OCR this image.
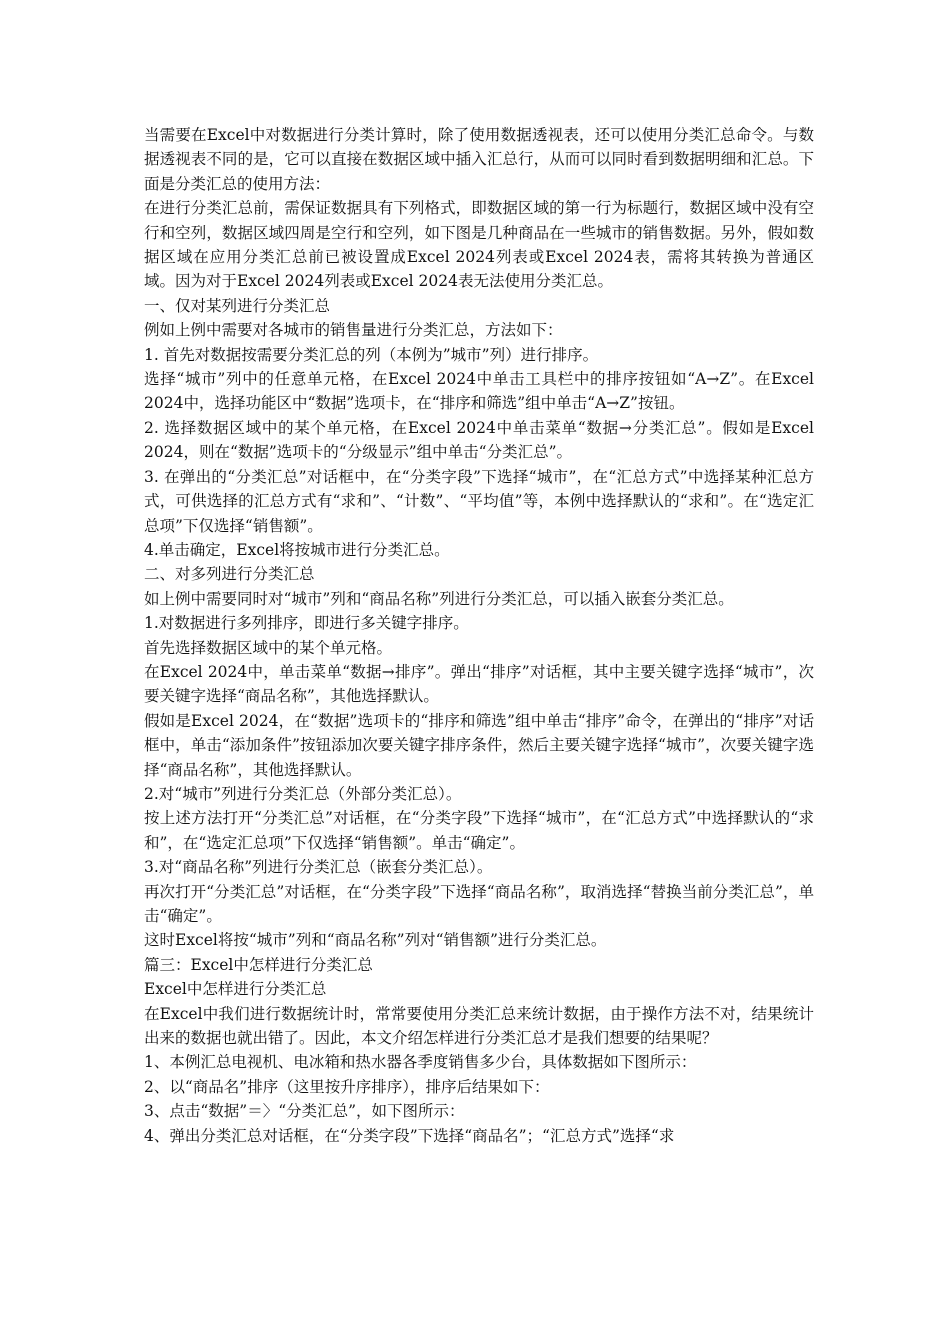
当需要在Excel中对数据进行分类计算时，除了使用数据透视表，还可以使用分类汇总命令。与数据透视表不同的是，它可以直接在数据区域中插入汇总行，从而可以同时看到数据明细和汇总。下面是分类汇总的使用方法：

在进行分类汇总前，需保证数据具有下列格式，即数据区域的第一行为标题行，数据区域中没有空行和空列，数据区域四周是空行和空列，如下图是几种商品在一些城市的销售数据。另外，假如数据区域在应用分类汇总前已被设置成Excel 2024列表或Excel 2024表，需将其转换为普通区域。因为对于Excel 2024列表或Excel 2024表无法使用分类汇总。

一、仅对某列进行分类汇总

例如上例中需要对各城市的销售量进行分类汇总，方法如下：

1. 首先对数据按需要分类汇总的列（本例为”城市”列）进行排序。

选择“城市”列中的任意单元格，在Excel 2024中单击工具栏中的排序按钮如“A→Z”。在Excel 2024中，选择功能区中“数据”选项卡，在“排序和筛选”组中单击“A→Z”按钮。

2. 选择数据区域中的某个单元格，在Excel 2024中单击菜单“数据→分类汇总”。假如是Excel 2024，则在“数据”选项卡的“分级显示”组中单击“分类汇总”。

3. 在弹出的“分类汇总”对话框中，在“分类字段”下选择“城市”，在“汇总方式”中选择某种汇总方式，可供选择的汇总方式有“求和”、“计数”、“平均值”等，本例中选择默认的“求和”。在“选定汇总项”下仅选择“销售额”。

4.单击确定，Excel将按城市进行分类汇总。

二、对多列进行分类汇总

如上例中需要同时对“城市”列和“商品名称”列进行分类汇总，可以插入嵌套分类汇总。

1.对数据进行多列排序，即进行多关键字排序。

首先选择数据区域中的某个单元格。

在Excel 2024中，单击菜单“数据→排序”。弹出“排序”对话框，其中主要关键字选择“城市”，次要关键字选择“商品名称”，其他选择默认。

假如是Excel 2024，在“数据”选项卡的“排序和筛选”组中单击“排序”命令，在弹出的“排序”对话框中，单击“添加条件”按钮添加次要关键字排序条件，然后主要关键字选择“城市”，次要关键字选择“商品名称”，其他选择默认。

2.对“城市”列进行分类汇总（外部分类汇总）。

按上述方法打开“分类汇总”对话框，在“分类字段”下选择“城市”，在“汇总方式”中选择默认的“求和”，在“选定汇总项”下仅选择“销售额”。单击“确定”。

3.对“商品名称”列进行分类汇总（嵌套分类汇总）。

再次打开“分类汇总”对话框，在“分类字段”下选择“商品名称”，取消选择“替换当前分类汇总”，单击“确定”。

这时Excel将按“城市”列和“商品名称”列对“销售额”进行分类汇总。

篇三：Excel中怎样进行分类汇总

Excel中怎样进行分类汇总

在Excel中我们进行数据统计时，常常要使用分类汇总来统计数据，由于操作方法不对，结果统计出来的数据也就出错了。因此，本文介绍怎样进行分类汇总才是我们想要的结果呢？

1、本例汇总电视机、电冰箱和热水器各季度销售多少台，具体数据如下图所示：

2、以“商品名”排序（这里按升序排序），排序后结果如下：

3、点击“数据”＝〉“分类汇总”，如下图所示：

4、弹出分类汇总对话框，在“分类字段”下选择“商品名”；“汇总方式”选择“求
